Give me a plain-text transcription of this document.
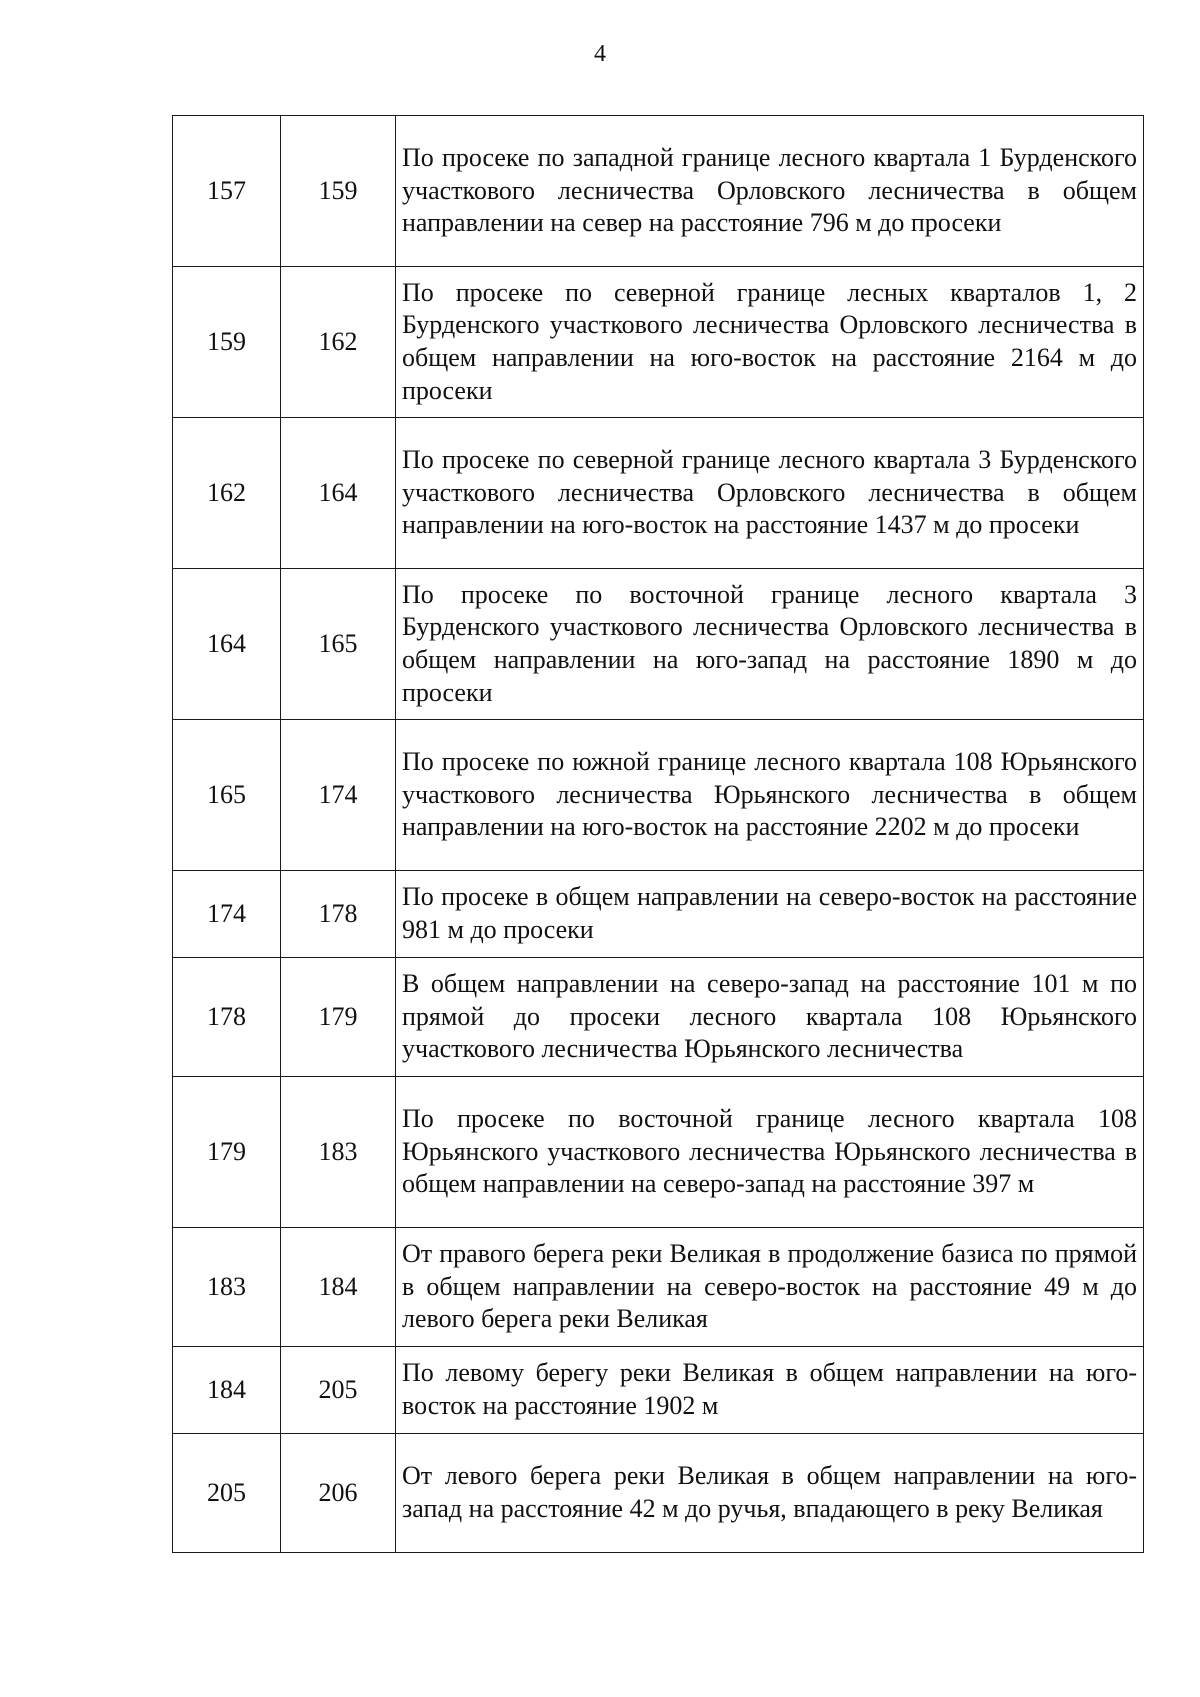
4
157	159	По просеке по западной границе лесного квартала 1 Бурденского участкового лесничества Орловского лесничества в общем направлении на север на расстояние 796 м до просеки
159	162	По просеке по северной границе лесных кварталов 1, 2 Бурденского участкового лесничества Орловского лесничества в общем направлении на юго-восток на расстояние 2164 м до просеки
162	164	По просеке по северной границе лесного квартала 3 Бурденского участкового лесничества Орловского лесничества в общем направлении на юго-восток на расстояние 1437 м до просеки
164	165	По просеке по восточной границе лесного квартала 3 Бурденского участкового лесничества Орловского лесничества в общем направлении на юго-запад на расстояние 1890 м до просеки
165	174	По просеке по южной границе лесного квартала 108 Юрьянского участкового лесничества Юрьянского лесничества в общем направлении на юго-восток на расстояние 2202 м до просеки
174	178	По просеке в общем направлении на северо-восток на расстояние 981 м до просеки
178	179	В общем направлении на северо-запад на расстояние 101 м по прямой до просеки лесного квартала 108 Юрьянского участкового лесничества Юрьянского лесничества
179	183	По просеке по восточной границе лесного квартала 108 Юрьянского участкового лесничества Юрьянского лесничества в общем направлении на северо-запад на расстояние 397 м
183	184	От правого берега реки Великая в продолжение базиса по прямой в общем направлении на северо-восток на расстояние 49 м до левого берега реки Великая
184	205	По левому берегу реки Великая в общем направлении на юго-восток на расстояние 1902 м
205	206	От левого берега реки Великая в общем направлении на юго-запад на расстояние 42 м до ручья, впадающего в реку Великая
